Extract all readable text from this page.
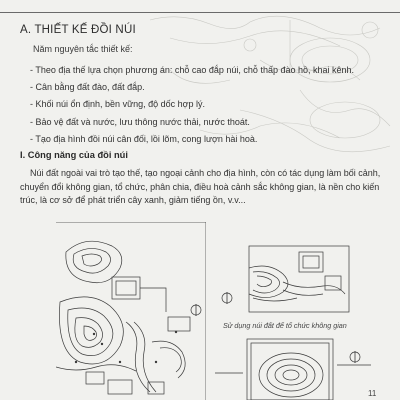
A. THIẾT KẾ ĐỒI NÚI
Năm nguyên tắc thiết kế:
- Theo địa thế lựa chọn phương án: chỗ cao đắp núi, chỗ thấp đào hồ, khai kênh.
- Cân bằng đất đào, đất đắp.
- Khối núi ổn định, bền vững, độ dốc hợp lý.
- Bảo vệ đất và nước, lưu thông nước thải, nước thoát.
- Tạo địa hình đồi núi cân đối, lồi lõm, cong lượn hài hoà.
I. Công năng của đồi núi

Núi đất ngoài vai trò tạo thế, tạo ngoại cảnh cho địa hình, còn có tác dụng làm bối cảnh, chuyển đổi không gian, tổ chức, phân chia, điều hoà cảnh sắc không gian, là nền cho kiến trúc, là cơ sở để phát triển cây xanh, giảm tiếng ồn, v.v...

Sử dụng núi đất để tổ chức không gian
11
